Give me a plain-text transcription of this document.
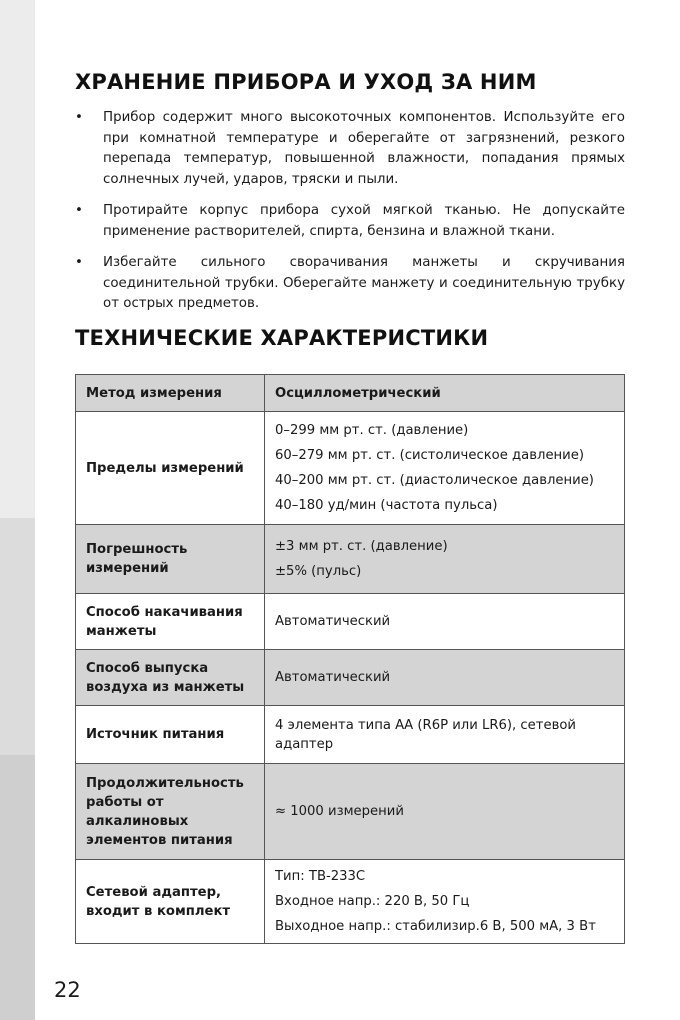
ХРАНЕНИЕ ПРИБОРА И УХОД ЗА НИМ
• Прибор содержит много высокоточных компонентов. Используйте его при комнатной температуре и оберегайте от загрязнений, резкого перепада температур, повышенной влажности, попадания прямых солнечных лучей, ударов, тряски и пыли.
• Протирайте корпус прибора сухой мягкой тканью. Не допускайте применение растворителей, спирта, бензина и влажной ткани.
• Избегайте сильного сворачивания манжеты и скручивания соединительной трубки. Оберегайте манжету и соединительную трубку от острых предметов.
ТЕХНИЧЕСКИЕ ХАРАКТЕРИСТИКИ
Метод измерения	Осциллометрический

Пределы измерений	0–299 мм рт. ст. (давление)
60–279 мм рт. ст. (систолическое давление)
40–200 мм рт. ст. (диастолическое давление)
40–180 уд/мин (частота пульса)

Погрешность измерений	±3 мм рт. ст. (давление)
±5% (пульс)

Способ накачивания манжеты	Автоматический

Способ выпуска воздуха из манжеты	Автоматический

Источник питания	4 элемента типа АА (R6P или LR6), сетевой адаптер

Продолжительность работы от алкалиновых элементов питания	≈ 1000 измерений

Сетевой адаптер, входит в комплект	Тип: TB-233C
Входное напр.: 220 В, 50 Гц
Выходное напр.: стабилизир.6 В, 500 мА, 3 Вт
22
